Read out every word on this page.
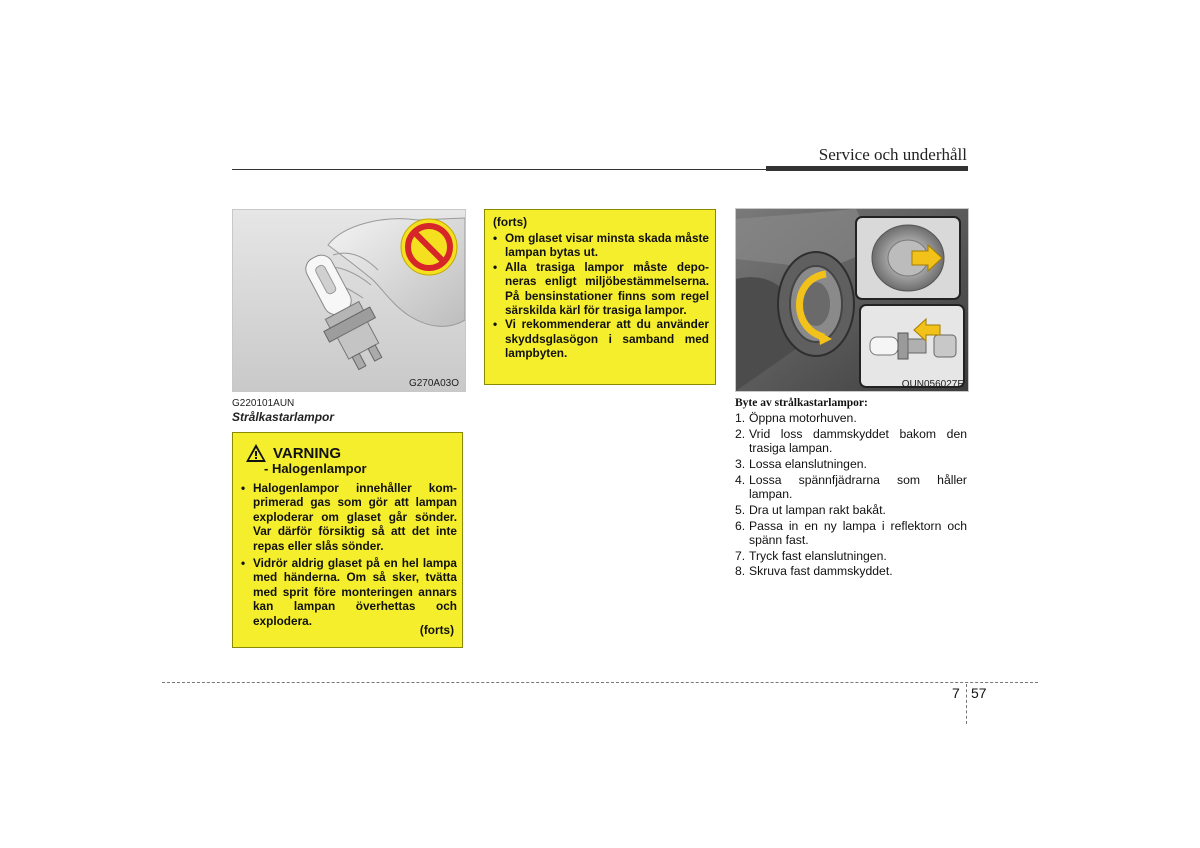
Service och underhåll
G270A03O
G220101AUN
Strålkastarlampor
VARNING
- Halogenlampor
• Halogenlampor innehåller kom-primerad gas som gör att lampan exploderar om glaset går sönder. Var därför försiktig så att det inte repas eller slås sönder.
• Vidrör aldrig glaset på en hel lampa med händerna. Om så sker, tvätta med sprit före monteringen annars kan lampan överhettas och explodera.
(forts)
(forts)
• Om glaset visar minsta skada måste lampan bytas ut.
• Alla trasiga lampor måste depo-neras enligt miljöbestämmelserna. På bensinstationer finns som regel särskilda kärl för trasiga lampor.
• Vi rekommenderar att du använder skyddsglasögon i samband med lampbyten.
OUN056027E
Byte av strålkastarlampor:
1. Öppna motorhuven.
2. Vrid loss dammskyddet bakom den trasiga lampan.
3. Lossa elanslutningen.
4. Lossa spännfjädrarna som håller lampan.
5. Dra ut lampan rakt bakåt.
6. Passa in en ny lampa i reflektorn och spänn fast.
7. Tryck fast elanslutningen.
8. Skruva fast dammskyddet.
7 57
